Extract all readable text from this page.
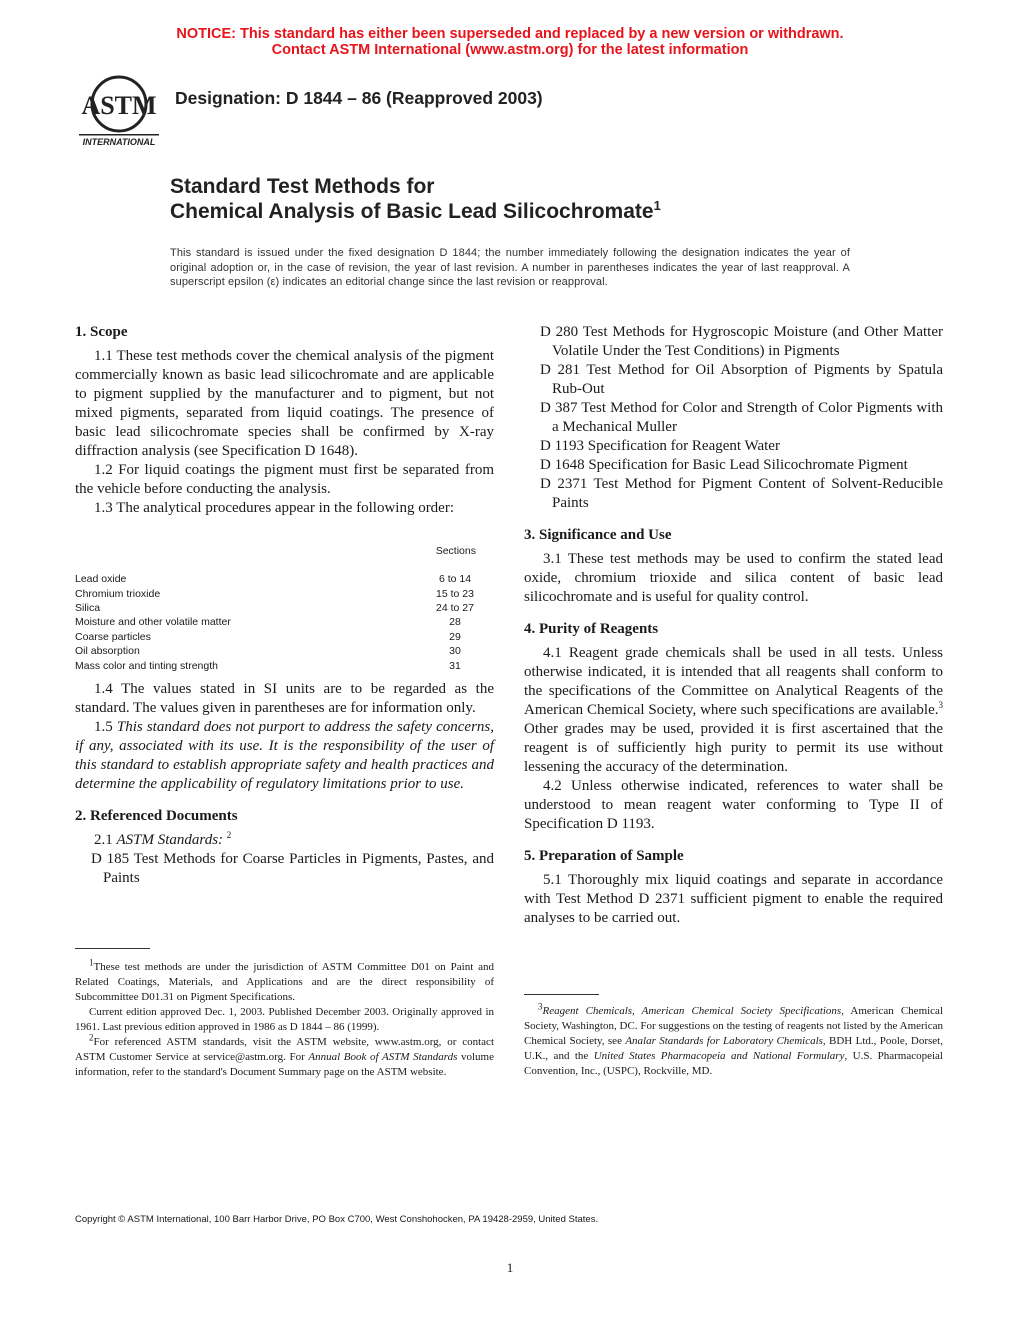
NOTICE: This standard has either been superseded and replaced by a new version or withdrawn.
Contact ASTM International (www.astm.org) for the latest information
ASTM
INTERNATIONAL
Designation: D 1844 – 86 (Reapproved 2003)
Standard Test Methods for
Chemical Analysis of Basic Lead Silicochromate$^1$
This standard is issued under the fixed designation D 1844; the number immediately following the designation indicates the year of original adoption or, in the case of revision, the year of last revision. A number in parentheses indicates the year of last reapproval. A superscript epsilon (ε) indicates an editorial change since the last revision or reapproval.
1. Scope

1.1 These test methods cover the chemical analysis of the pigment commercially known as basic lead silicochromate and are applicable to pigment supplied by the manufacturer and to pigment, but not mixed pigments, separated from liquid coatings. The presence of basic lead silicochromate species shall be confirmed by X-ray diffraction analysis (see Specification D 1648).

1.2 For liquid coatings the pigment must first be separated from the vehicle before conducting the analysis.

1.3 The analytical procedures appear in the following order:

Sections
Lead oxide	6 to 14
Chromium trioxide	15 to 23
Silica	24 to 27
Moisture and other volatile matter	28
Coarse particles	29
Oil absorption	30
Mass color and tinting strength	31

1.4 The values stated in SI units are to be regarded as the standard. The values given in parentheses are for information only.

1.5 This standard does not purport to address the safety concerns, if any, associated with its use. It is the responsibility of the user of this standard to establish appropriate safety and health practices and determine the applicability of regulatory limitations prior to use.

2. Referenced Documents

2.1 ASTM Standards: $^2$

D 185 Test Methods for Coarse Particles in Pigments, Pastes, and Paints

$^1$These test methods are under the jurisdiction of ASTM Committee D01 on Paint and Related Coatings, Materials, and Applications and are the direct responsibility of Subcommittee D01.31 on Pigment Specifications.

Current edition approved Dec. 1, 2003. Published December 2003. Originally approved in 1961. Last previous edition approved in 1986 as D 1844 – 86 (1999).

$^2$For referenced ASTM standards, visit the ASTM website, www.astm.org, or contact ASTM Customer Service at service@astm.org. For Annual Book of ASTM Standards volume information, refer to the standard's Document Summary page on the ASTM website.

D 280 Test Methods for Hygroscopic Moisture (and Other Matter Volatile Under the Test Conditions) in Pigments

D 281 Test Method for Oil Absorption of Pigments by Spatula Rub-Out

D 387 Test Method for Color and Strength of Color Pigments with a Mechanical Muller

D 1193 Specification for Reagent Water

D 1648 Specification for Basic Lead Silicochromate Pigment

D 2371 Test Method for Pigment Content of Solvent-Reducible Paints

3. Significance and Use

3.1 These test methods may be used to confirm the stated lead oxide, chromium trioxide and silica content of basic lead silicochromate and is useful for quality control.

4. Purity of Reagents

4.1 Reagent grade chemicals shall be used in all tests. Unless otherwise indicated, it is intended that all reagents shall conform to the specifications of the Committee on Analytical Reagents of the American Chemical Society, where such specifications are available.$^3$ Other grades may be used, provided it is first ascertained that the reagent is of sufficiently high purity to permit its use without lessening the accuracy of the determination.

4.2 Unless otherwise indicated, references to water shall be understood to mean reagent water conforming to Type II of Specification D 1193.

5. Preparation of Sample

5.1 Thoroughly mix liquid coatings and separate in accordance with Test Method D 2371 sufficient pigment to enable the required analyses to be carried out.

$^3$Reagent Chemicals, American Chemical Society Specifications, American Chemical Society, Washington, DC. For suggestions on the testing of reagents not listed by the American Chemical Society, see Analar Standards for Laboratory Chemicals, BDH Ltd., Poole, Dorset, U.K., and the United States Pharmacopeia and National Formulary, U.S. Pharmacopeial Convention, Inc., (USPC), Rockville, MD.

Copyright © ASTM International, 100 Barr Harbor Drive, PO Box C700, West Conshohocken, PA 19428-2959, United States.
1
